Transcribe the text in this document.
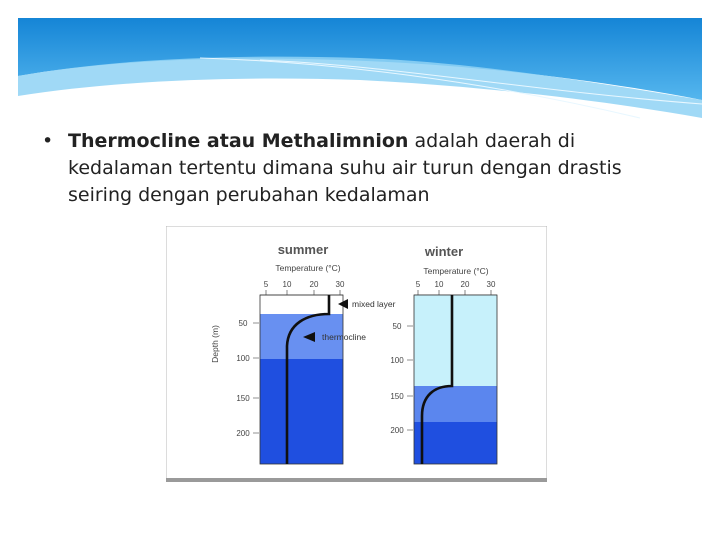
• Thermocline atau Methalimnion adalah daerah di kedalaman tertentu dimana suhu air turun dengan drastis seiring dengan perubahan kedalaman
summer
Temperature (°C)
5 10 20 30
Depth (m)
50
100
150
200
mixed layer
thermocline
winter
Temperature (°C)
5 10 20 30
50
100
150
200
